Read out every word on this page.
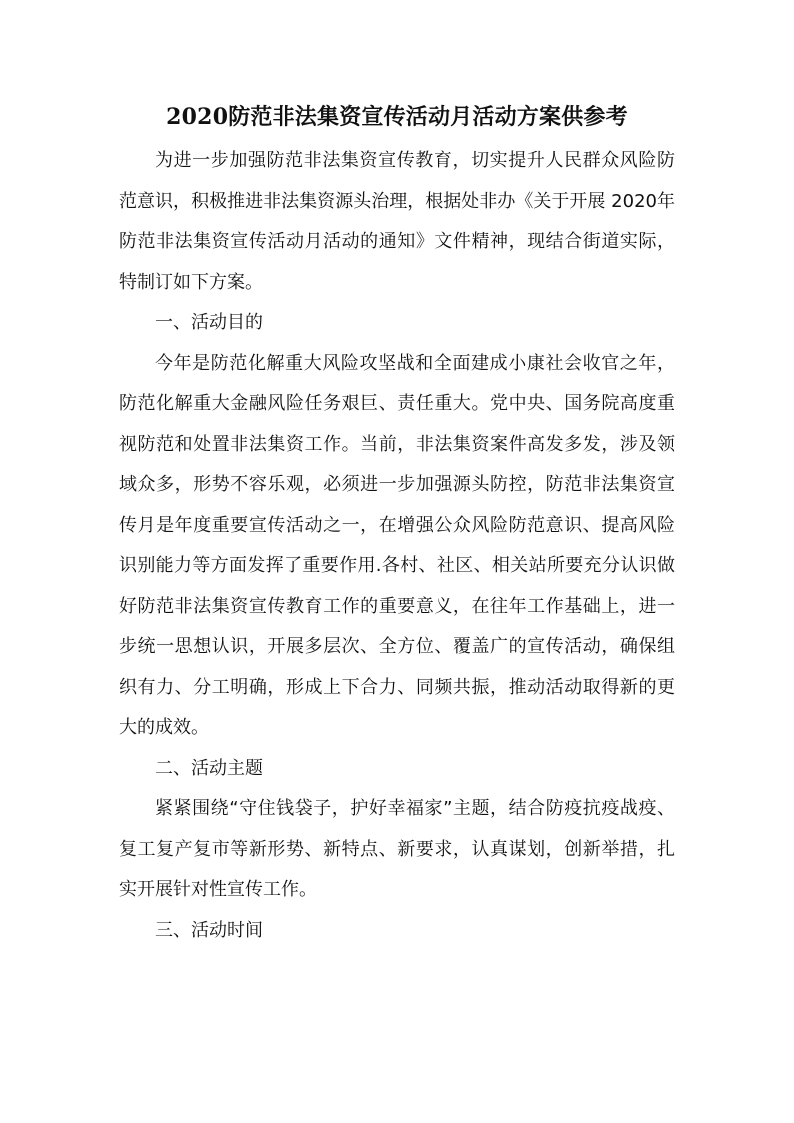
2020防范非法集资宣传活动月活动方案供参考

为进一步加强防范非法集资宣传教育，切实提升人民群众风险防范意识，积极推进非法集资源头治理，根据处非办《关于开展 2020年防范非法集资宣传活动月活动的通知》文件精神，现结合街道实际，特制订如下方案。

一、活动目的

今年是防范化解重大风险攻坚战和全面建成小康社会收官之年，防范化解重大金融风险任务艰巨、责任重大。党中央、国务院高度重视防范和处置非法集资工作。当前，非法集资案件高发多发，涉及领域众多，形势不容乐观，必须进一步加强源头防控，防范非法集资宣传月是年度重要宣传活动之一，在增强公众风险防范意识、提高风险识别能力等方面发挥了重要作用.各村、社区、相关站所要充分认识做好防范非法集资宣传教育工作的重要意义，在往年工作基础上，进一步统一思想认识，开展多层次、全方位、覆盖广的宣传活动，确保组织有力、分工明确，形成上下合力、同频共振，推动活动取得新的更大的成效。

二、活动主题

紧紧围绕“守住钱袋子，护好幸福家”主题，结合防疫抗疫战疫、复工复产复市等新形势、新特点、新要求，认真谋划，创新举措，扎实开展针对性宣传工作。

三、活动时间
